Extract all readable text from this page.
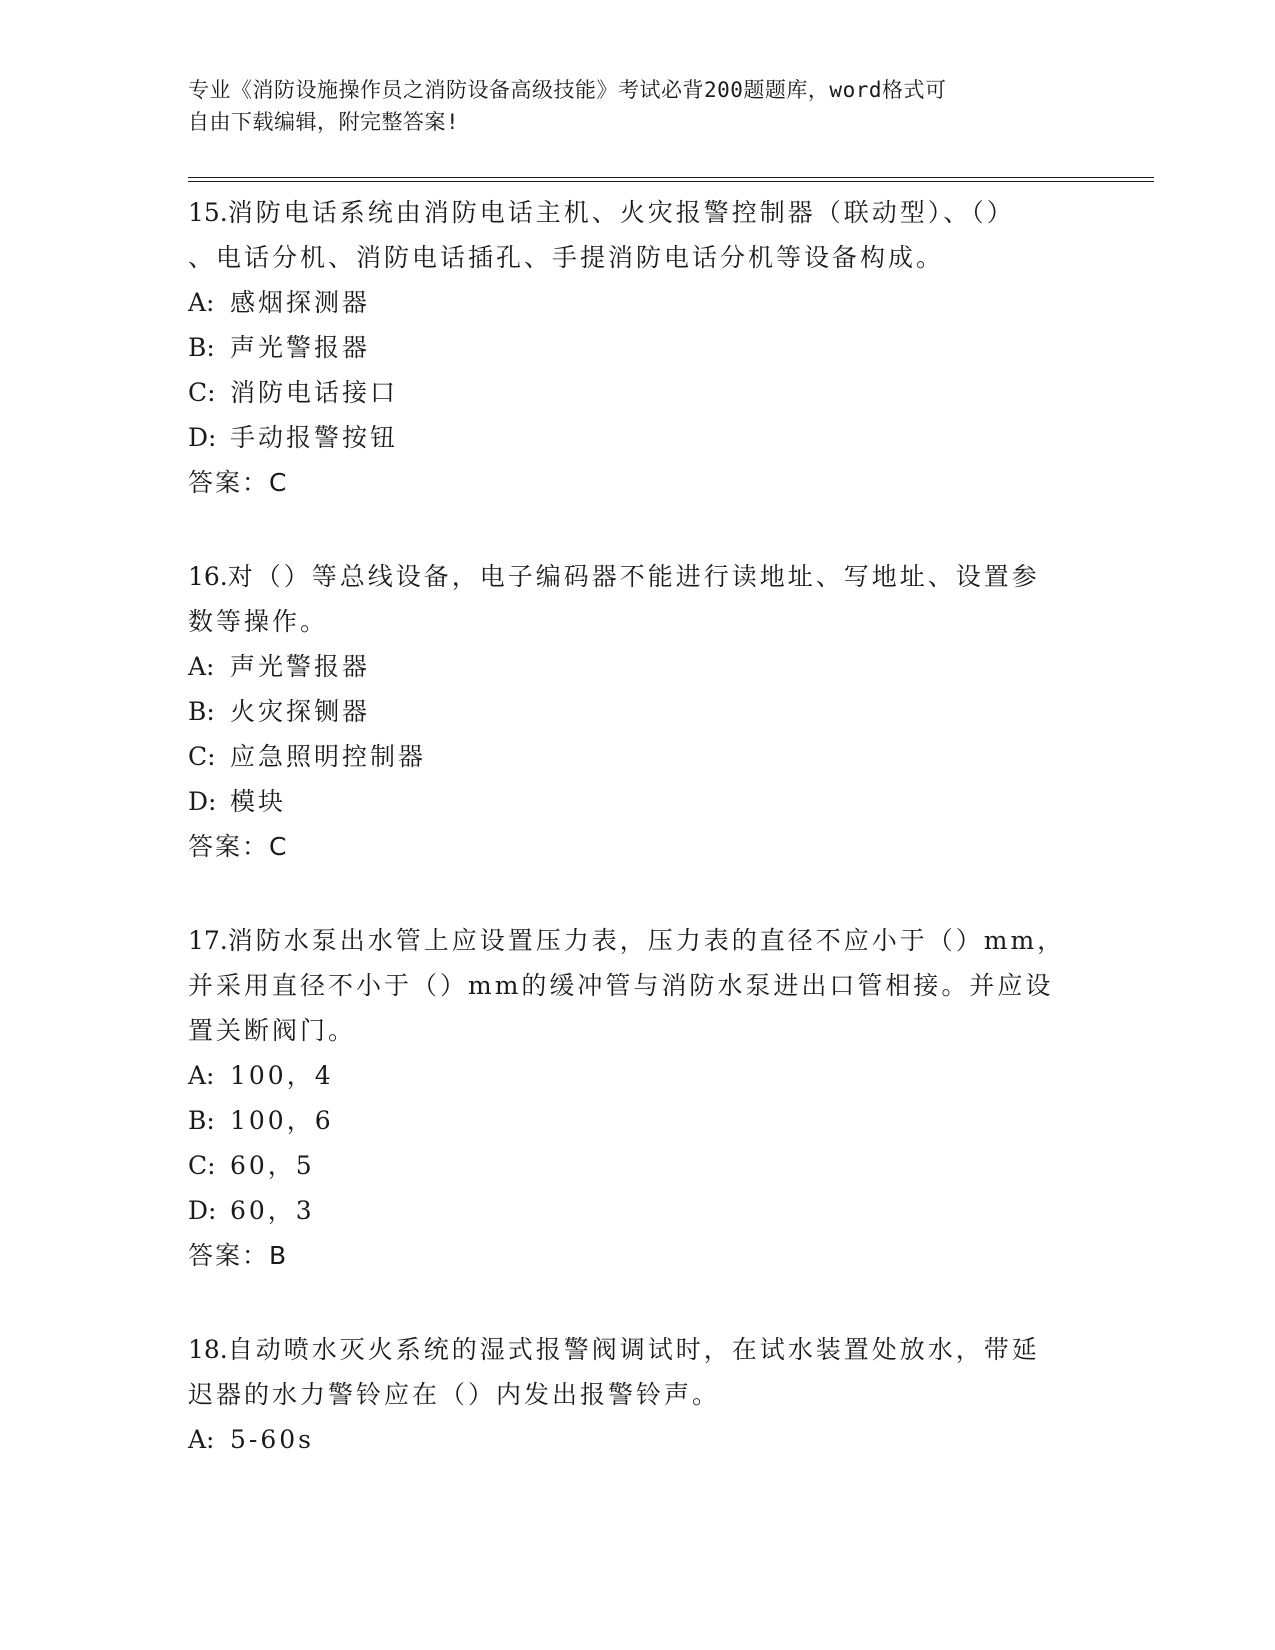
专业《消防设施操作员之消防设备高级技能》考试必背200题题库，word格式可
自由下载编辑，附完整答案!
15.消防电话系统由消防电话主机、火灾报警控制器（联动型）、（）
、电话分机、消防电话插孔、手提消防电话分机等设备构成。
A: 感烟探测器
B: 声光警报器
C: 消防电话接口
D: 手动报警按钮
答案：C
16.对（）等总线设备，电子编码器不能进行读地址、写地址、设置参
数等操作。
A: 声光警报器
B: 火灾探铡器
C: 应急照明控制器
D: 模块
答案：C
17.消防水泵出水管上应设置压力表，压力表的直径不应小于（）mm，
并采用直径不小于（）mm的缓冲管与消防水泵进出口管相接。并应设
置关断阀门。
A: 100，4
B: 100，6
C: 60，5
D: 60，3
答案：B
18.自动喷水灭火系统的湿式报警阀调试时，在试水装置处放水，带延
迟器的水力警铃应在（）内发出报警铃声。
A: 5-60s
